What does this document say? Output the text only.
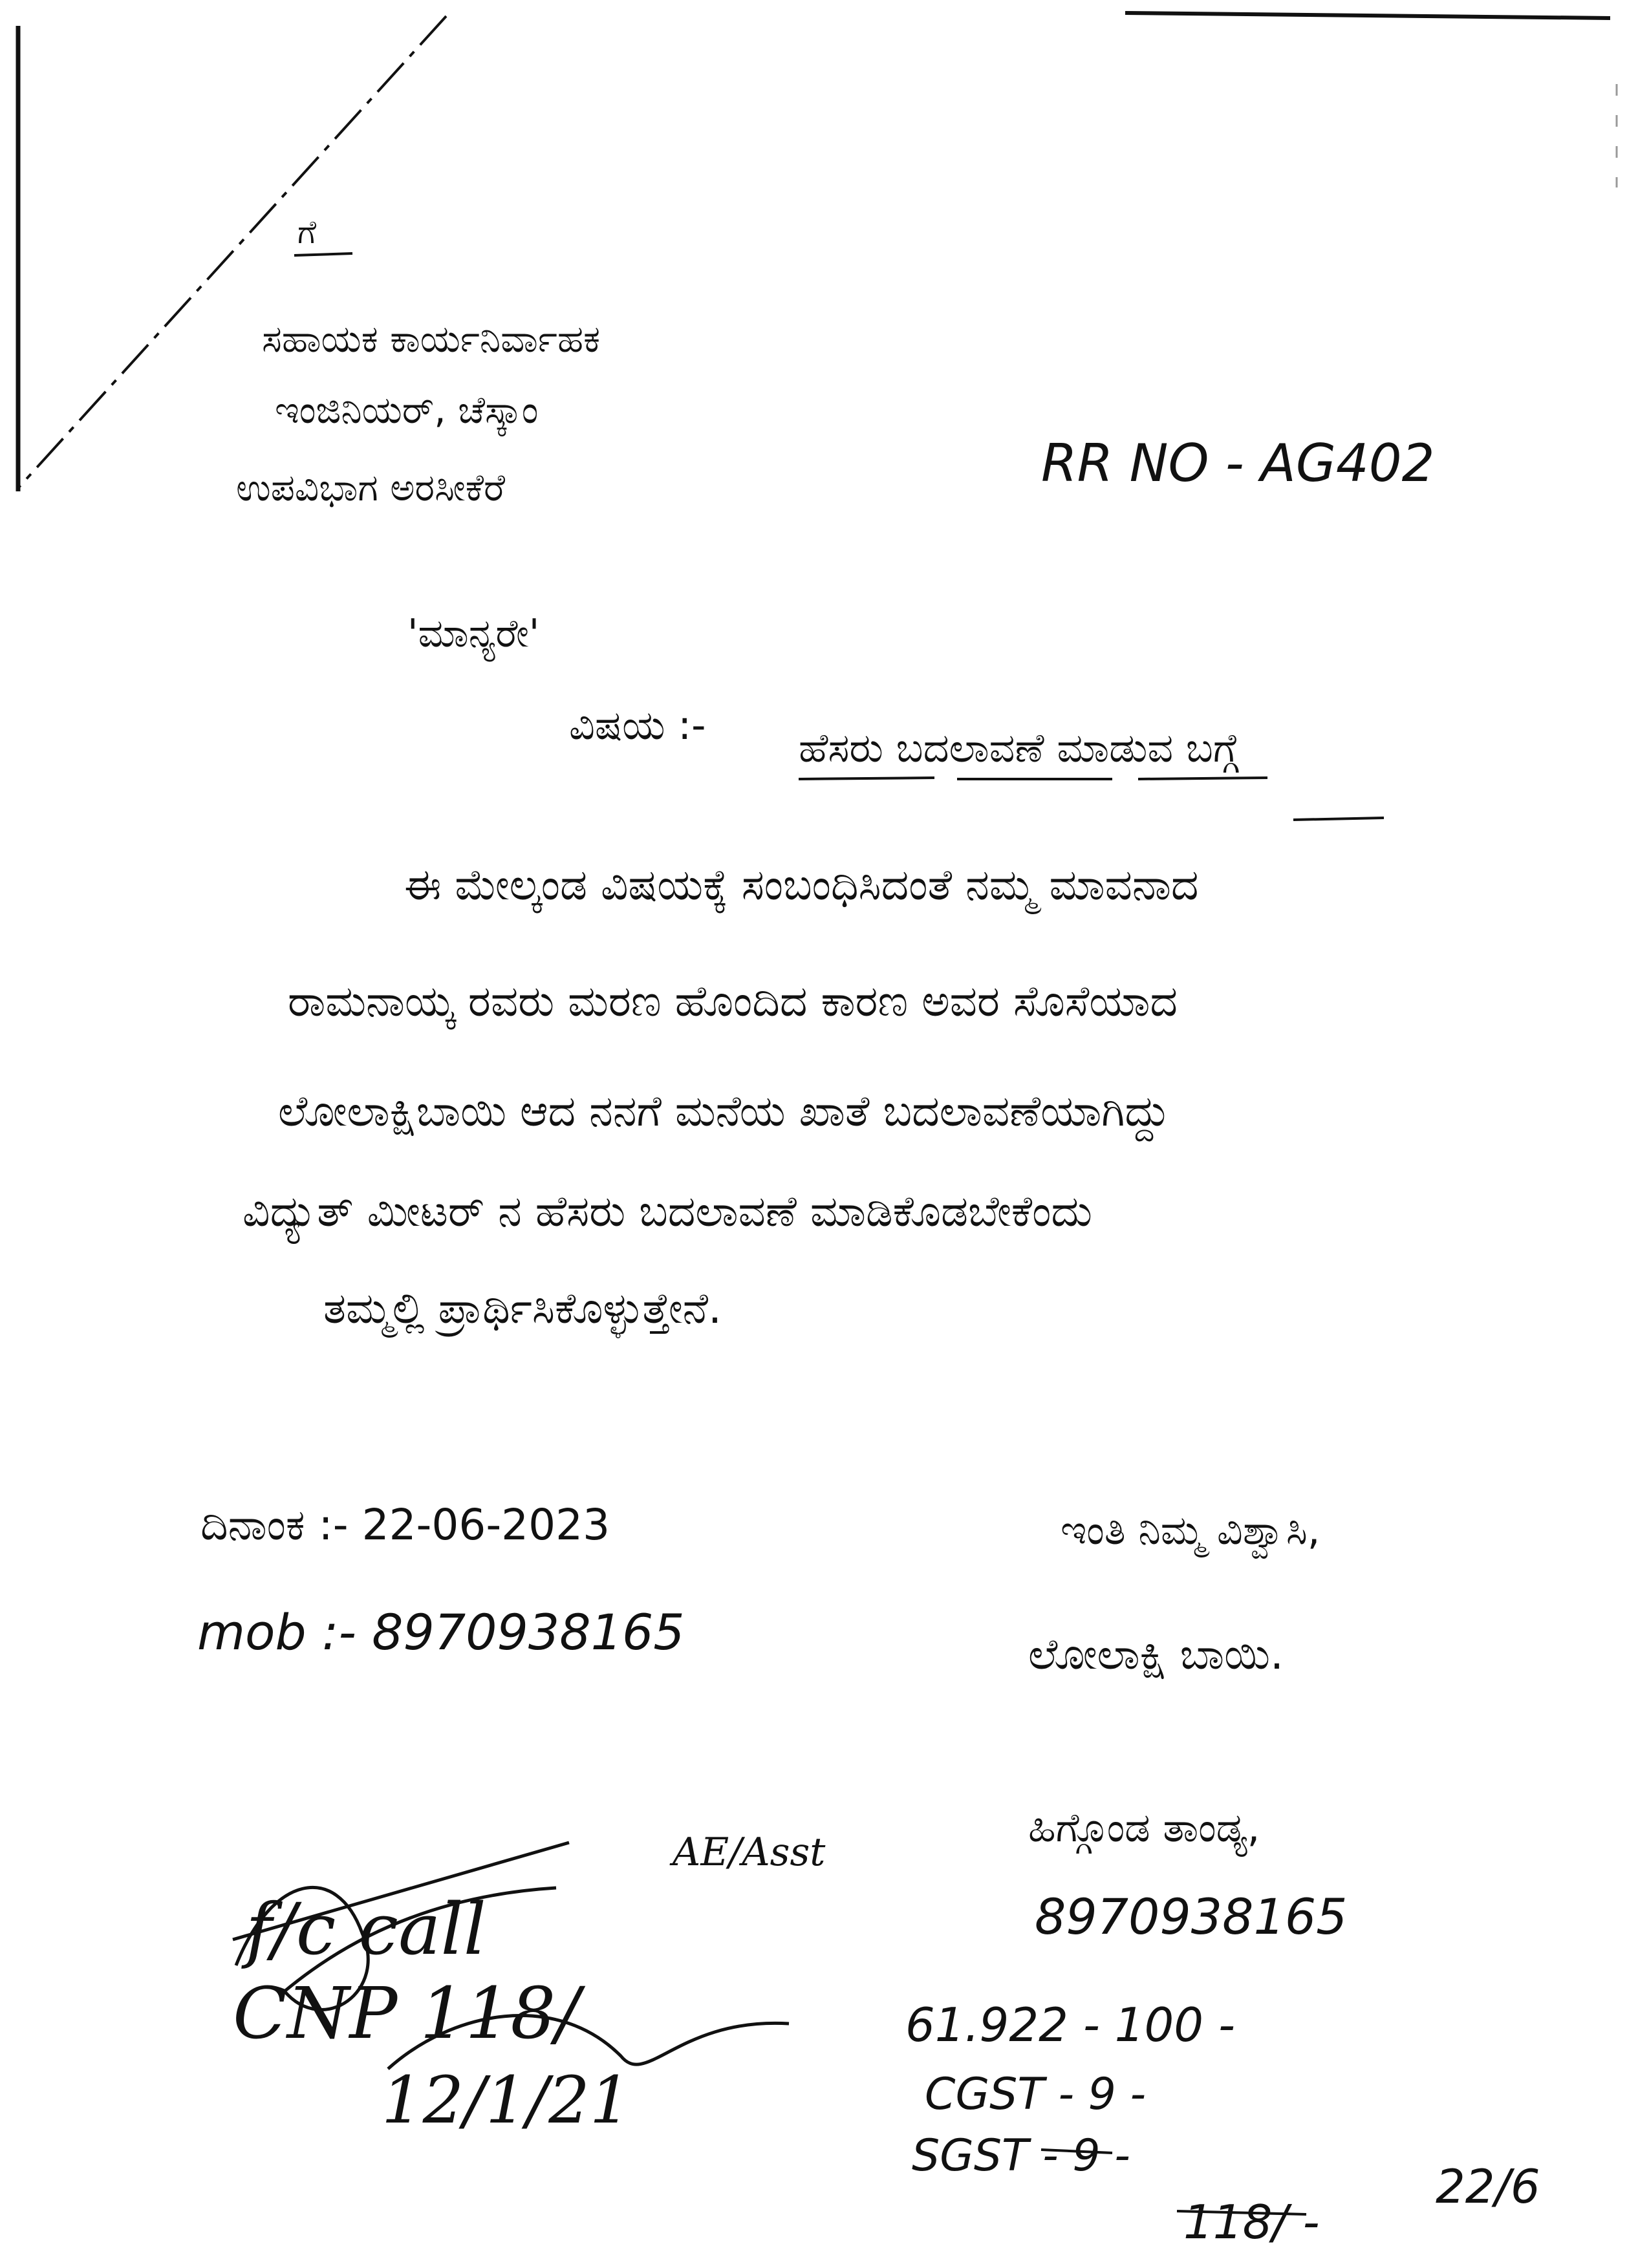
ಗೆ
ಸಹಾಯಕ ಕಾರ್ಯನಿರ್ವಾಹಕ
ಇಂಜಿನಿಯರ್, ಚೆಸ್ಕಾಂ
ಉಪವಿಭಾಗ ಅರಸೀಕೆರೆ	RR NO - AG402
'ಮಾನ್ಯರೇ'
ವಿಷಯ :- ಹೆಸರು ಬದಲಾವಣೆ ಮಾಡುವ ಬಗ್ಗೆ
ಈ ಮೇಲ್ಕಂಡ ವಿಷಯಕ್ಕೆ ಸಂಬಂಧಿಸಿದಂತೆ ನಮ್ಮ ಮಾವನಾದ
ರಾಮನಾಯ್ಕ ರವರು ಮರಣ ಹೊಂದಿದ ಕಾರಣ ಅವರ ಸೊಸೆಯಾದ
ಲೋಲಾಕ್ಷಿಬಾಯಿ ಆದ ನನಗೆ ಮನೆಯ ಖಾತೆ ಬದಲಾವಣೆಯಾಗಿದ್ದು
ವಿದ್ಯುತ್ ಮೀಟರ್ ನ ಹೆಸರು ಬದಲಾವಣೆ ಮಾಡಿಕೊಡಬೇಕೆಂದು
ತಮ್ಮಲ್ಲಿ ಪ್ರಾರ್ಥಿಸಿಕೊಳ್ಳುತ್ತೇನೆ.
ದಿನಾಂಕ :- 22-06-2023
mob :- 8970938165
ಇಂತಿ ನಿಮ್ಮ ವಿಶ್ವಾಸಿ,
ಲೋಲಾಕ್ಷಿ ಬಾಯಿ.
ಹಿಗ್ಗೊಂಡ ತಾಂಡ್ಯ,
8970938165
f/c call
AE/Asst
CNP 118/
12/1/21
61.922 - 100 -
CGST - 9 -
SGST - 9 -
118/ -
22/6
